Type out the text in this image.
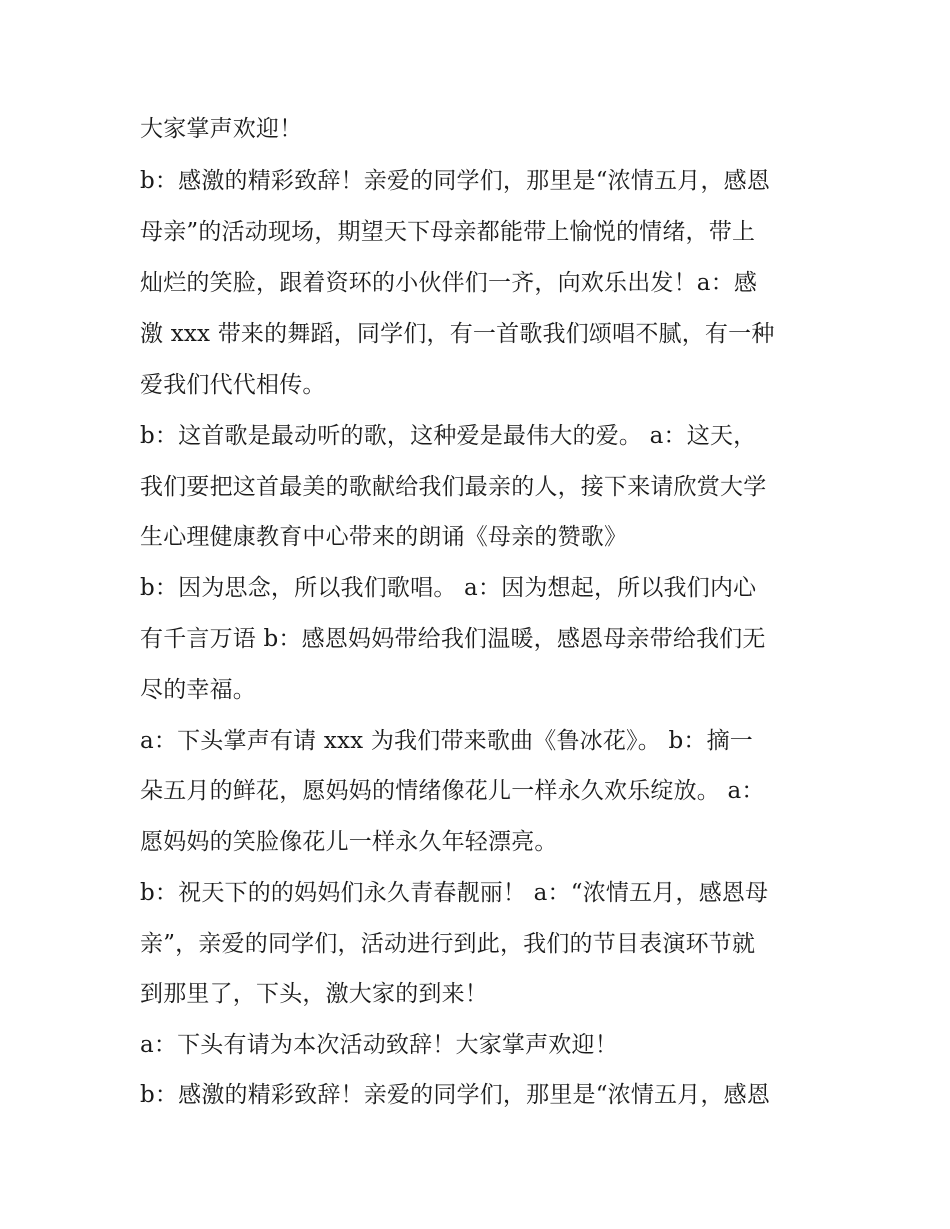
大家掌声欢迎！
b：感激的精彩致辞！亲爱的同学们，那里是“浓情五月，感恩
母亲”的活动现场，期望天下母亲都能带上愉悦的情绪，带上
灿烂的笑脸，跟着资环的小伙伴们一齐，向欢乐出发！a：感
激 xxx 带来的舞蹈，同学们，有一首歌我们颂唱不腻，有一种
爱我们代代相传。
b：这首歌是最动听的歌，这种爱是最伟大的爱。 a：这天，
我们要把这首最美的歌献给我们最亲的人，接下来请欣赏大学
生心理健康教育中心带来的朗诵《母亲的赞歌》
b：因为思念，所以我们歌唱。 a：因为想起，所以我们内心
有千言万语 b：感恩妈妈带给我们温暖，感恩母亲带给我们无
尽的幸福。
a：下头掌声有请 xxx 为我们带来歌曲《鲁冰花》。 b：摘一
朵五月的鲜花，愿妈妈的情绪像花儿一样永久欢乐绽放。 a：
愿妈妈的笑脸像花儿一样永久年轻漂亮。
b：祝天下的的妈妈们永久青春靓丽！ a：“浓情五月，感恩母
亲”，亲爱的同学们，活动进行到此，我们的节目表演环节就
到那里了，下头，激大家的到来！
a：下头有请为本次活动致辞！大家掌声欢迎！
b：感激的精彩致辞！亲爱的同学们，那里是“浓情五月，感恩
